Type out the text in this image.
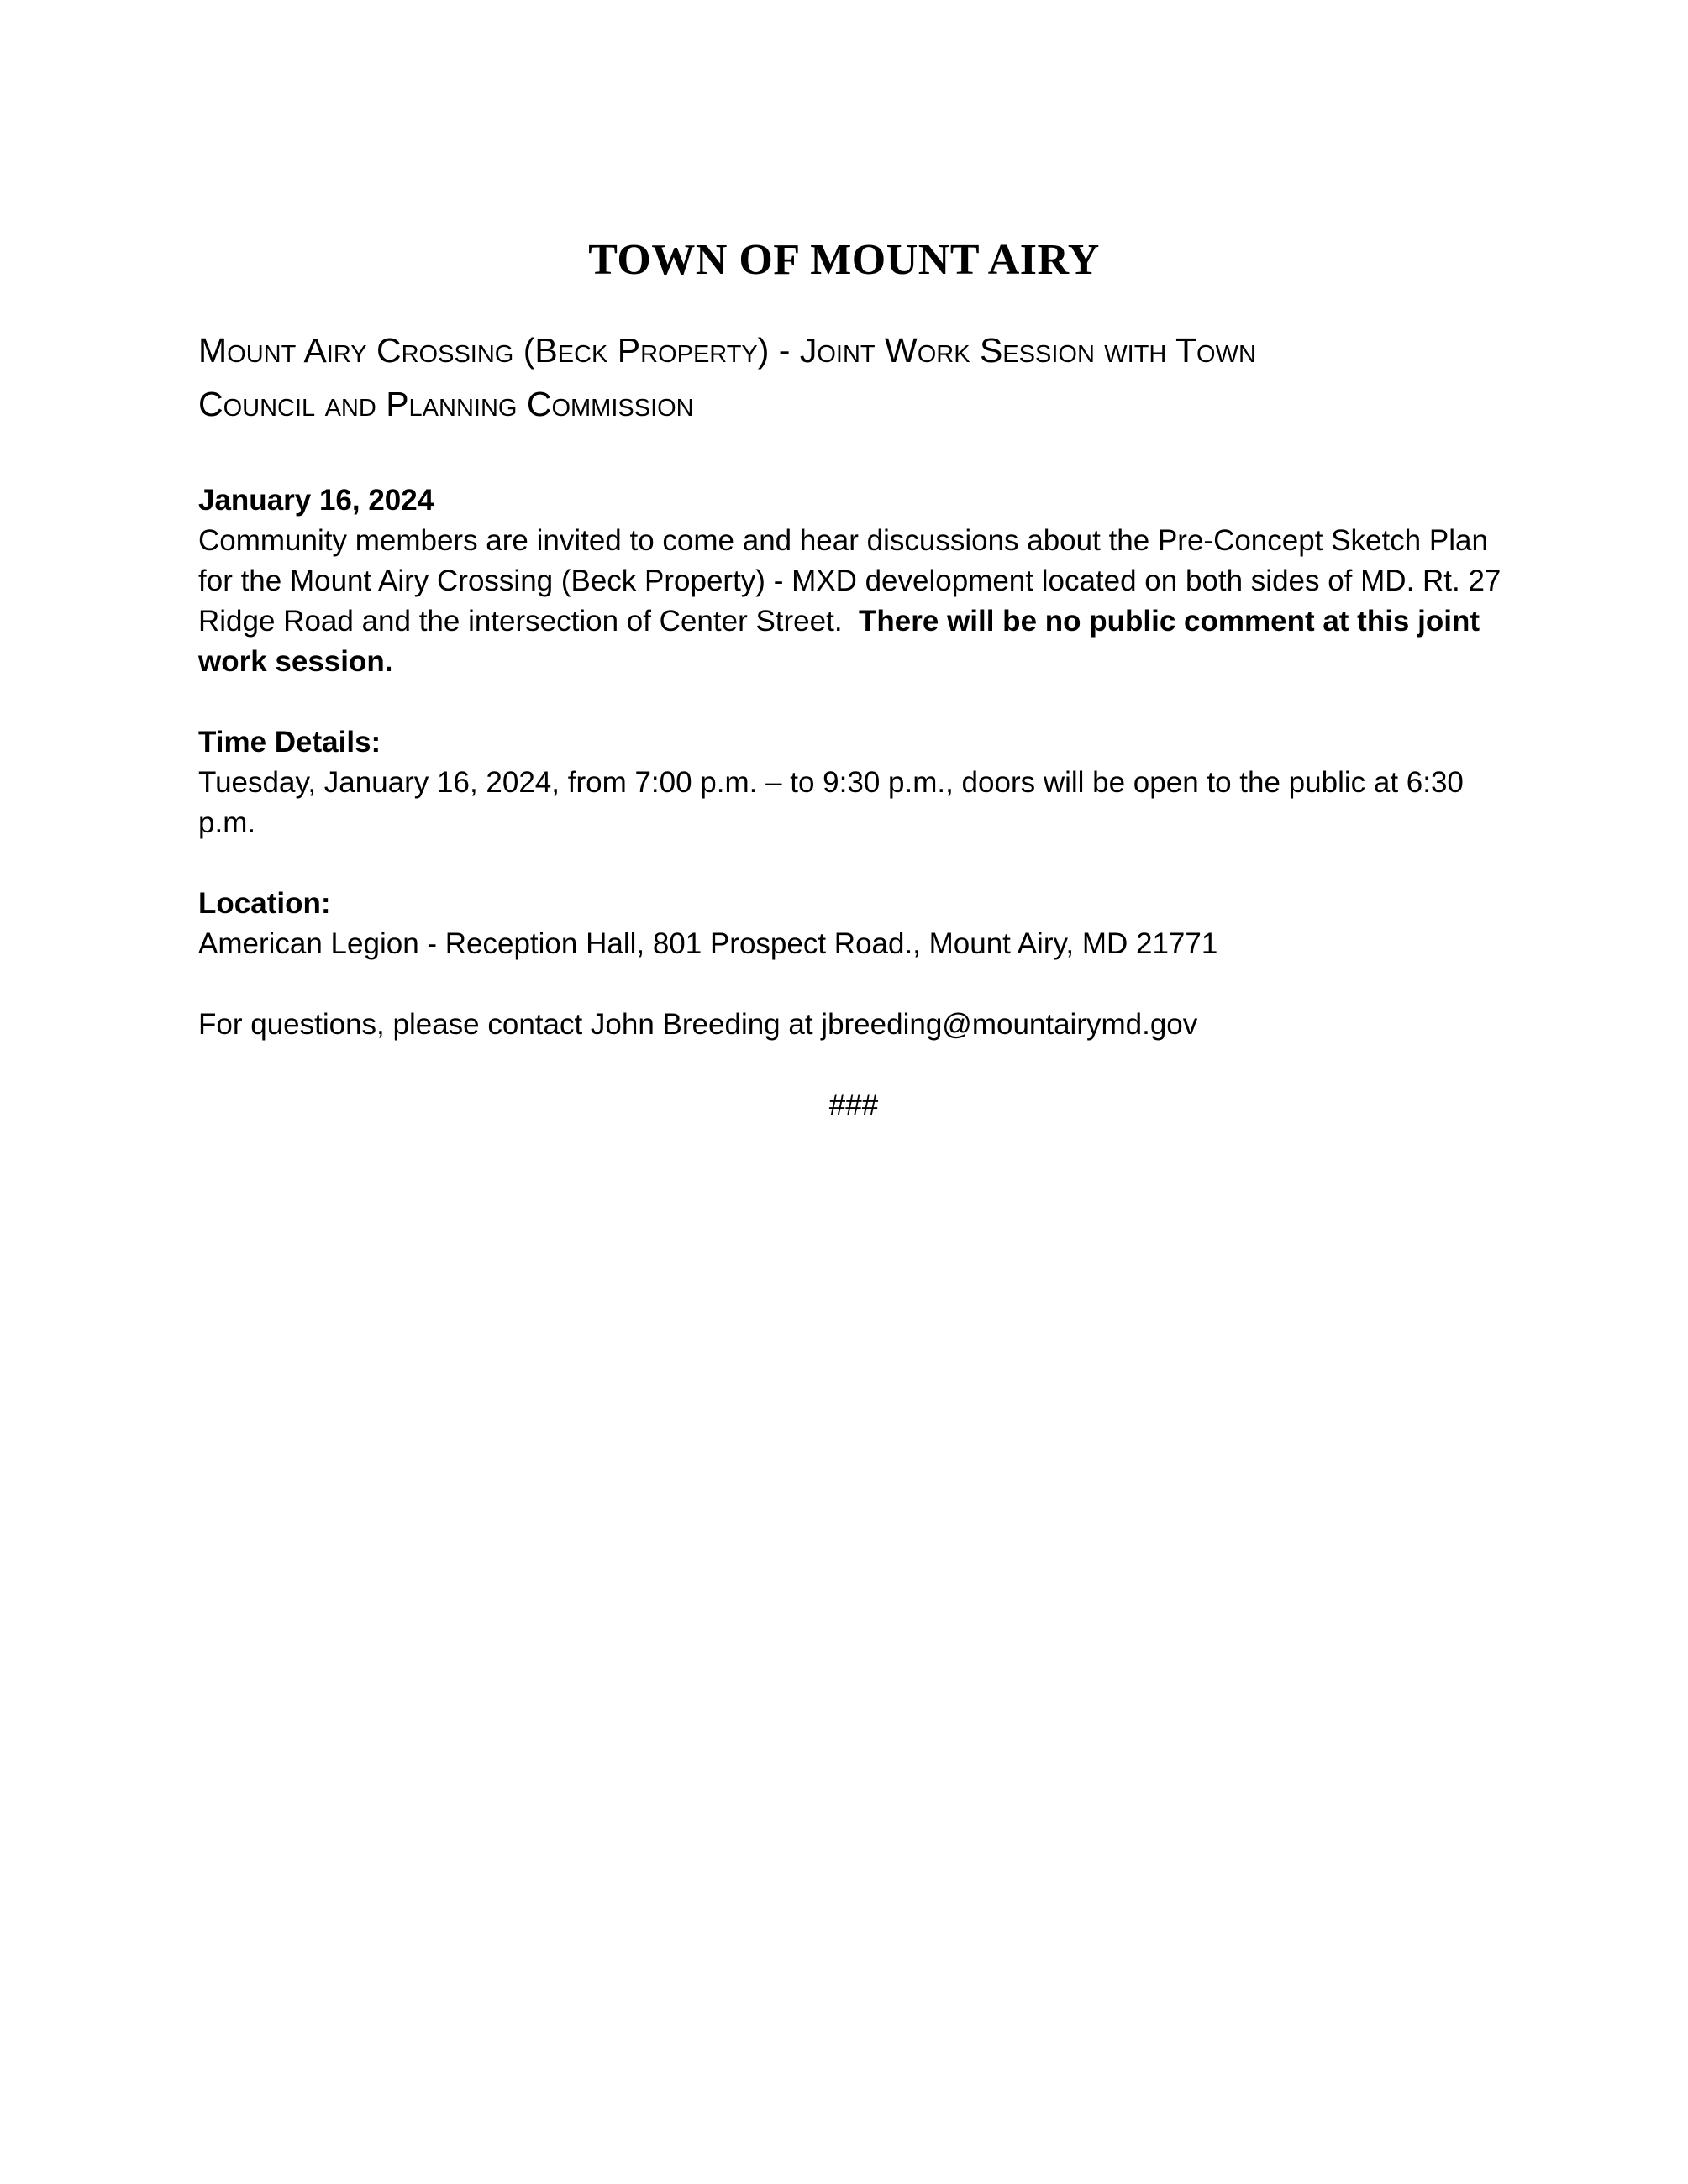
TOWN OF MOUNT AIRY
Mount Airy Crossing (Beck Property) - Joint Work Session with Town
Council and Planning Commission

January 16, 2024

Community members are invited to come and hear discussions about the Pre-Concept Sketch Plan for the Mount Airy Crossing (Beck Property) - MXD development located on both sides of MD. Rt. 27 Ridge Road and the intersection of Center Street. There will be no public comment at this joint work session.

Time Details:

Tuesday, January 16, 2024, from 7:00 p.m. – to 9:30 p.m., doors will be open to the public at 6:30 p.m.

Location:

American Legion - Reception Hall, 801 Prospect Road., Mount Airy, MD 21771

For questions, please contact John Breeding at jbreeding@mountairymd.gov

###
